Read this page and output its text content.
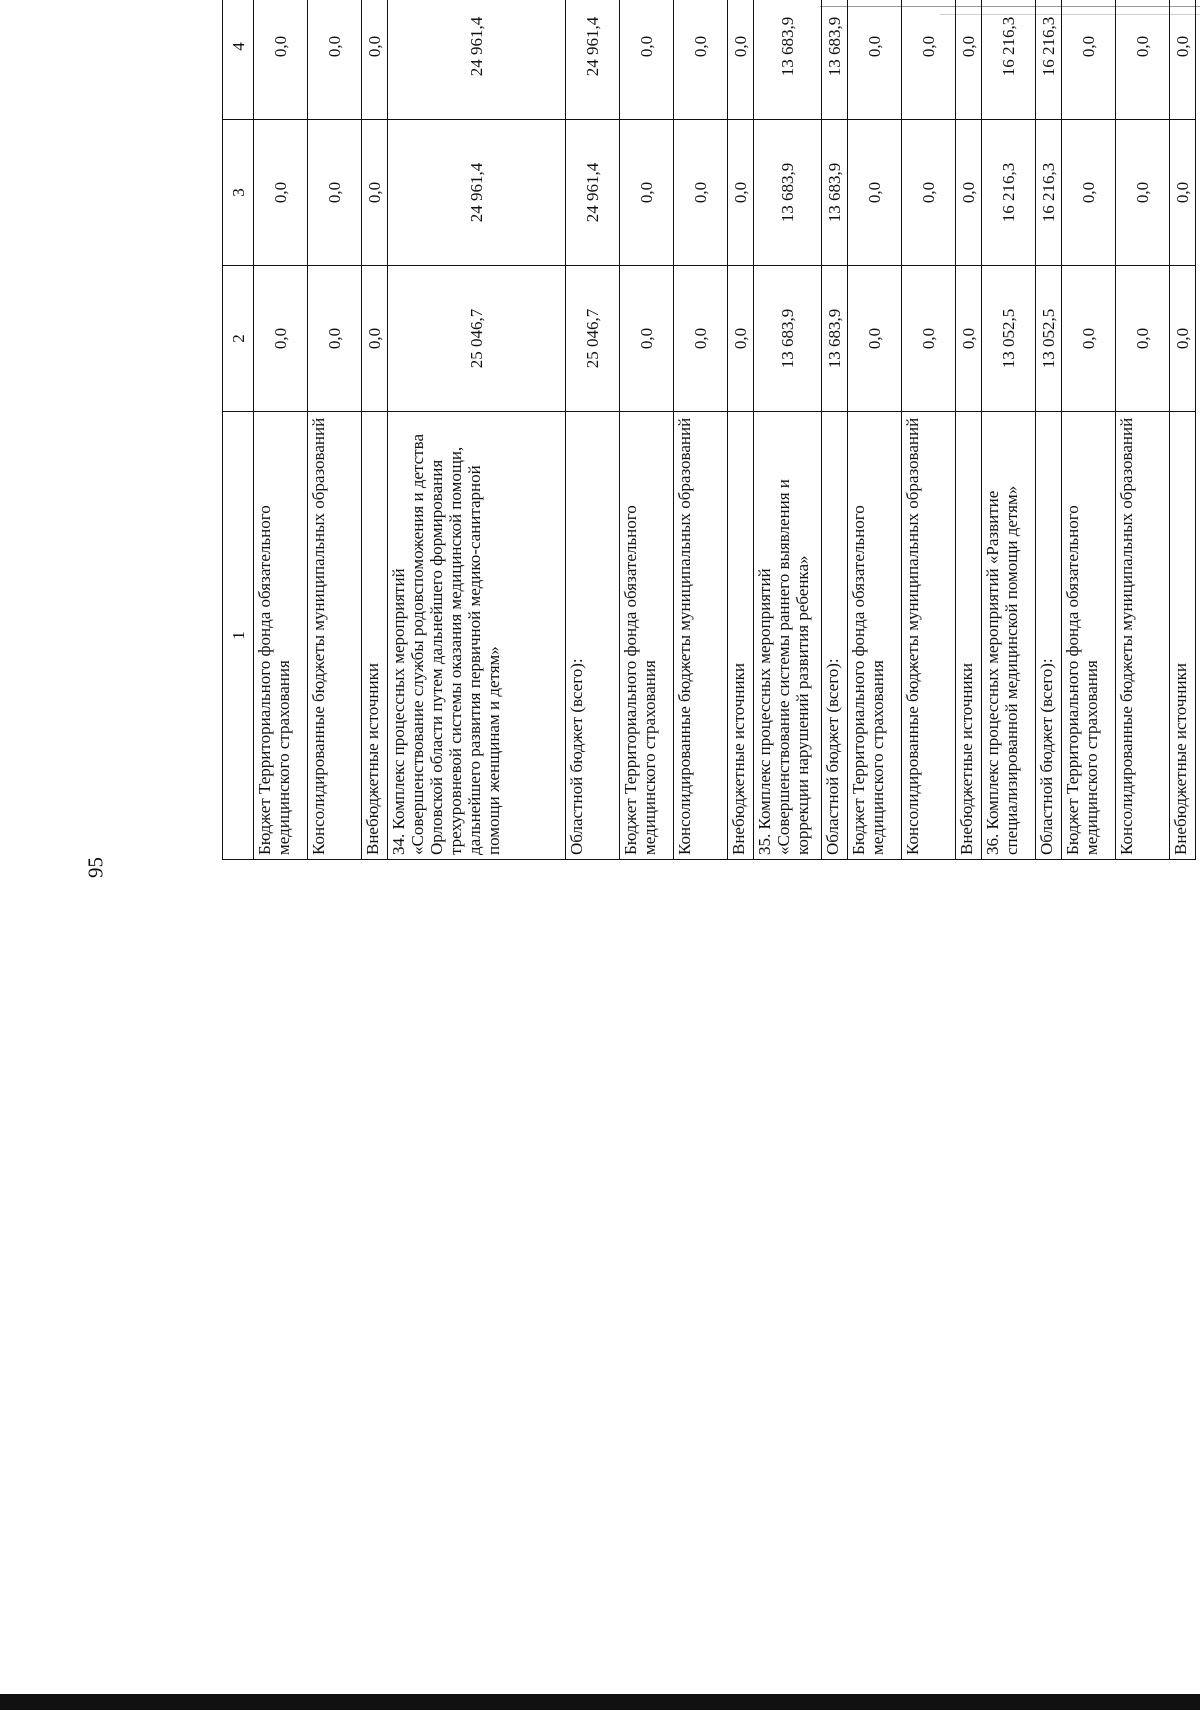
95
1	2	3	4				
Бюджет Территориального фонда обязательного медицинского страхования	0,0	0,0	0,0				
Консолидированные бюджеты муниципальных образований	0,0	0,0	0,0				
Внебюджетные источники	0,0	0,0	0,0				
34. Комплекс процессных мероприятий «Совершенствование службы родовспоможения и детства Орловской области путем дальнейшего формирования трехуровневой системы оказания медицинской помощи, дальнейшего развития первичной медико-санитарной помощи женщинам и детям»	25 046,7	24 961,4	24 961,4				
Областной бюджет (всего):	25 046,7	24 961,4	24 961,4				
Бюджет Территориального фонда обязательного медицинского страхования	0,0	0,0	0,0				
Консолидированные бюджеты муниципальных образований	0,0	0,0	0,0				
Внебюджетные источники	0,0	0,0	0,0				
35. Комплекс процессных мероприятий «Совершенствование системы раннего выявления и коррекции нарушений развития ребенка»	13 683,9	13 683,9	13 683,9				
Областной бюджет (всего):	13 683,9	13 683,9	13 683,9				
Бюджет Территориального фонда обязательного медицинского страхования	0,0	0,0	0,0				
Консолидированные бюджеты муниципальных образований	0,0	0,0	0,0				
Внебюджетные источники	0,0	0,0	0,0				
36. Комплекс процессных мероприятий «Развитие специализированной медицинской помощи детям»	13 052,5	16 216,3	16 216,3				
Областной бюджет (всего):	13 052,5	16 216,3	16 216,3				
Бюджет Территориального фонда обязательного медицинского страхования	0,0	0,0	0,0				
Консолидированные бюджеты муниципальных образований	0,0	0,0	0,0				
Внебюджетные источники	0,0	0,0	0,0				
